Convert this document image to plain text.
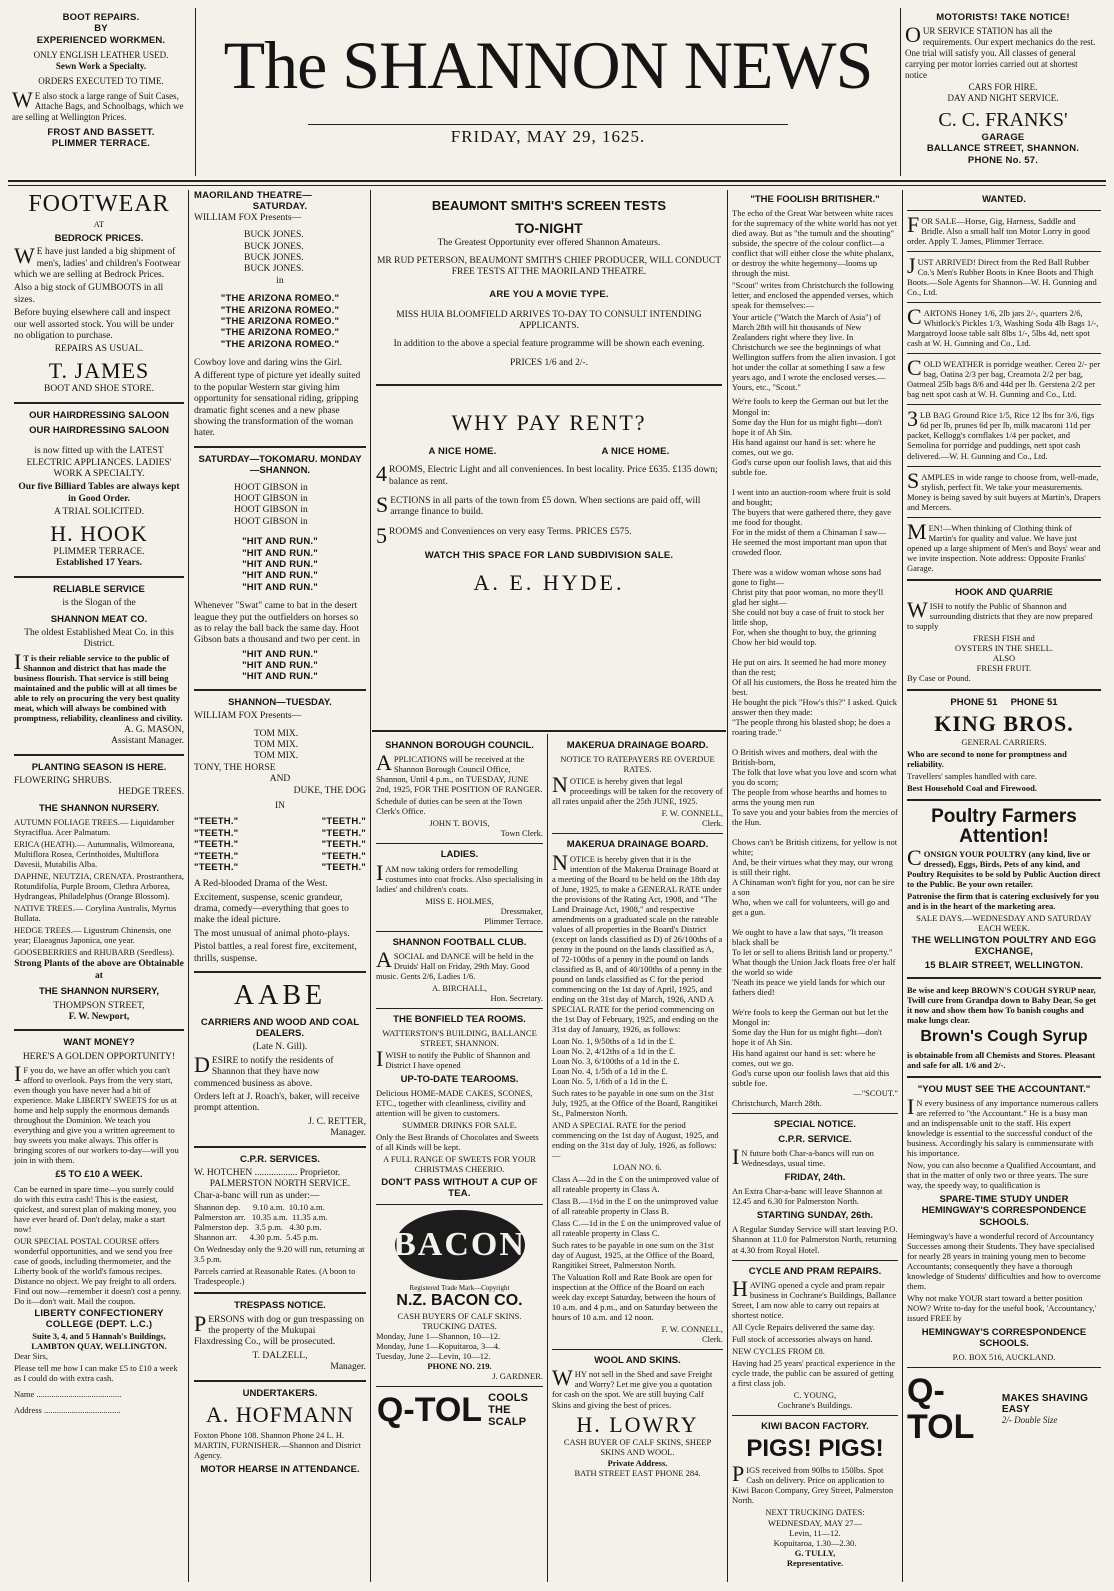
BOOT REPAIRS.
BY
EXPERIENCED WORKMEN.
ONLY ENGLISH LEATHER USED.
Sewn Work a Specialty.
ORDERS EXECUTED TO TIME.

WE also stock a large range of Suit Cases, Attache Bags, and Schoolbags, which we are selling at Wellington Prices.

FROST AND BASSETT.
PLIMMER TERRACE.
The SHANNON NEWS
FRIDAY, MAY 29, 1625.
MOTORISTS! TAKE NOTICE!

OUR SERVICE STATION has all the requirements. Our expert mechanics do the rest. One trial will satisfy you. All classes of general carrying per motor lorries carried out at shortest notice

CARS FOR HIRE.
DAY AND NIGHT SERVICE.
C. C. FRANKS'
GARAGE
BALLANCE STREET, SHANNON.
PHONE No. 57.
FOOTWEAR
AT
BEDROCK PRICES.

WE have just landed a big shipment of men's, ladies' and children's Footwear which we are selling at Bedrock Prices.

Also a big stock of GUMBOOTS in all sizes.

Before buying elsewhere call and inspect our well assorted stock. You will be under no obligation to purchase.

REPAIRS AS USUAL.

T. JAMES
BOOT AND SHOE STORE.
OUR HAIRDRESSING SALOON
OUR HAIRDRESSING SALOON

is now fitted up with the LATEST ELECTRIC APPLIANCES. LADIES' WORK A SPECIALTY.

Our five Billiard Tables are always kept in Good Order.

A TRIAL SOLICITED.

H. HOOK
PLIMMER TERRACE.
Established 17 Years.
RELIABLE SERVICE
is the Slogan of the
SHANNON MEAT CO.

The oldest Established Meat Co. in this District.

IT is their reliable service to the public of Shannon and district that has made the business flourish. That service is still being maintained and the public will at all times be able to rely on procuring the very best quality meat, which will always be combined with promptness, reliability, cleanliness and civility.

A. G. MASON,
Assistant Manager.
PLANTING SEASON IS HERE.
FLOWERING SHRUBS.
HEDGE TREES.
THE SHANNON NURSERY.

AUTUMN FOLIAGE TREES.— Liquidamber Styraciflua. Acer Palmatum.

ERICA (HEATH).— Autumnalis, Wilmoreana, Multiflora Rosea, Cerinthoides, Multiflora Davesii, Mutabilis Alba.

DAPHNE, NEUTZIA, CRENATA. Prostranthera, Rotundifolia, Purple Broom, Clethra Arborea, Hydrangeas, Philadelphus (Orange Blossom).

NATIVE TREES.— Corylina Australis, Myrtus Bullata.

HEDGE TREES.— Ligustrum Chinensis, one year; Elaeagnus Japonica, one year.

GOOSEBERRIES and RHUBARB (Seedless).

Strong Plants of the above are Obtainable at

THE SHANNON NURSERY,
THOMPSON STREET,
F. W. Newport,
WANT MONEY?
HERE'S A GOLDEN OPPORTUNITY!

IF you do, we have an offer which you can't afford to overlook. Pays from the very start, even though you have never had a bit of experience. Make LIBERTY SWEETS for us at home and help supply the enormous demands throughout the Dominion. We teach you everything and give you a written agreement to buy sweets you make always. This offer is bringing scores of our workers to-day—will you join in with them.

£5 TO £10 A WEEK.

Can be earned in spare time—you surely could do with this extra cash! This is the easiest, quickest, and surest plan of making money, you have ever heard of. Don't delay, make a start now!

OUR SPECIAL POSTAL COURSE offers wonderful opportunities, and we send you free case of goods, including thermometer, and the Liberty book of the world's famous recipes. Distance no object. We pay freight to all orders. Find out now—remember it doesn't cost a penny. Do it—don't wait. Mail the coupon.

LIBERTY CONFECTIONERY COLLEGE (DEPT. L.C.)
Suite 3, 4, and 5 Hannah's Buildings, LAMBTON QUAY, WELLINGTON.
Dear Sirs,

Please tell me how I can make £5 to £10 a week as I could do with extra cash.

Name ........................................
Address ....................................
MAORILAND THEATRE—
SATURDAY.
WILLIAM FOX Presents—
BUCK JONES.
BUCK JONES.
BUCK JONES.
BUCK JONES.
in
"THE ARIZONA ROMEO."
"THE ARIZONA ROMEO."
"THE ARIZONA ROMEO."
"THE ARIZONA ROMEO."
"THE ARIZONA ROMEO."

Cowboy love and daring wins the Girl.

A different type of picture yet ideally suited to the popular Western star giving him opportunity for sensational riding, gripping dramatic fight scenes and a new phase showing the transformation of the woman hater.

SATURDAY—TOKOMARU. MONDAY—SHANNON.
HOOT GIBSON in
HOOT GIBSON in
HOOT GIBSON in
HOOT GIBSON in
"HIT AND RUN."
"HIT AND RUN."
"HIT AND RUN."
"HIT AND RUN."
"HIT AND RUN."

Whenever "Swat" came to bat in the desert league they put the outfielders on horses so as to relay the ball back the same day. Hoot Gibson bats a thousand and two per cent. in

"HIT AND RUN."
"HIT AND RUN."
"HIT AND RUN."
SHANNON—TUESDAY.
WILLIAM FOX Presents—
TOM MIX.
TOM MIX.
TOM MIX.
TONY, THE HORSE
AND
DUKE, THE DOG
IN
"TEETH."	"TEETH."
"TEETH."	"TEETH."
"TEETH."	"TEETH."
"TEETH."	"TEETH."
"TEETH."	"TEETH."

A Red-blooded Drama of the West.

Excitement, suspense, scenic grandeur, drama, comedy—everything that goes to make the ideal picture.

The most unusual of animal photo-plays.

Pistol battles, a real forest fire, excitement, thrills, suspense.

AABE
CARRIERS AND WOOD AND COAL DEALERS.
(Late N. Gill).

DESIRE to notify the residents of Shannon that they have now commenced business as above.

Orders left at J. Roach's, baker, will receive prompt attention.

J. C. RETTER,
Manager.
C.P.R. SERVICES.
W. HOTCHEN .................. Proprietor.
PALMERSTON NORTH SERVICE.
Char-a-banc will run as under:—
Shannon dep.      9.10 a.m.  10.10 a.m.
Palmerston arr.   10.35 a.m.  11.35 a.m.
Palmerston dep.   3.5 p.m.   4.30 p.m.
Shannon arr.      4.30 p.m.  5.45 p.m.

On Wednesday only the 9.20 will run, returning at 3.5 p.m.

Parcels carried at Reasonable Rates. (A boon to Tradespeople.)

TRESPASS NOTICE.

PERSONS with dog or gun trespassing on the property of the Mukupai Flaxdressing Co., will be prosecuted.

T. DALZELL,
Manager.
UNDERTAKERS.
A. HOFMANN

Foxton Phone 108. Shannon Phone 24 L. H. MARTIN, FURNISHER.—Shannon and District Agency.

MOTOR HEARSE IN ATTENDANCE.
BEAUMONT SMITH'S SCREEN TESTS
TO-NIGHT

The Greatest Opportunity ever offered Shannon Amateurs.

MR RUD PETERSON, BEAUMONT SMITH'S CHIEF PRODUCER, WILL CONDUCT FREE TESTS AT THE MAORILAND THEATRE.

ARE YOU A MOVIE TYPE.

MISS HUIA BLOOMFIELD ARRIVES TO-DAY TO CONSULT INTENDING APPLICANTS.

In addition to the above a special feature programme will be shown each evening.

PRICES 1/6 and 2/-.

WHY PAY RENT?
A NICE HOME.	A NICE HOME.

4ROOMS, Electric Light and all conveniences. In best locality. Price £635. £135 down; balance as rent.

SECTIONS in all parts of the town from £5 down. When sections are paid off, will arrange finance to build.

5ROOMS and Conveniences on very easy Terms. PRICES £575.

WATCH THIS SPACE FOR LAND SUBDIVISION SALE.

A. E. HYDE.
SHANNON BOROUGH COUNCIL.

APPLICATIONS will be received at the Shannon Borough Council Office, Shannon, Until 4 p.m., on TUESDAY, JUNE 2nd, 1925, FOR THE POSITION OF RANGER.

Schedule of duties can be seen at the Town Clerk's Office.

JOHN T. BOVIS,
Town Clerk.
LADIES.

IAM now taking orders for remodelling costumes into coat frocks. Also specialising in ladies' and children's coats.

MISS E. HOLMES,
Dressmaker,
Plimmer Terrace.
SHANNON FOOTBALL CLUB.

ASOCIAL and DANCE will be held in the Druids' Hall on Friday, 29th May. Good music. Gents 2/6, Ladies 1/6.

A. BIRCHALL,
Hon. Secretary.
THE BONFIELD TEA ROOMS.
WATTERSTON'S BUILDING, BALLANCE STREET, SHANNON.

IWISH to notify the Public of Shannon and District I have opened

UP-TO-DATE TEAROOMS.

Delicious HOME-MADE CAKES, SCONES, ETC., together with cleanliness, civility and attention will be given to customers.

SUMMER DRINKS FOR SALE.

Only the Best Brands of Chocolates and Sweets of all Kinds will be kept.

A FULL RANGE OF SWEETS FOR YOUR CHRISTMAS CHEERIO.

DON'T PASS WITHOUT A CUP OF TEA.

BACON
Registered Trade Mark—Copyright
N.Z. BACON CO.
CASH BUYERS OF CALF SKINS.
TRUCKING DATES.
Monday, June 1—Shannon, 10—12.
Monday, June 1—Kopuitaroa, 3—4.
Tuesday, June 2—Levin, 10—12.
PHONE NO. 219.
J. GARDNER.
Q-TOL COOLS THE SCALP
MAKERUA DRAINAGE BOARD.
NOTICE TO RATEPAYERS RE OVERDUE RATES.

NOTICE is hereby given that legal proceedings will be taken for the recovery of all rates unpaid after the 25th JUNE, 1925.

F. W. CONNELL,
Clerk.
MAKERUA DRAINAGE BOARD.

NOTICE is hereby given that it is the intention of the Makerua Drainage Board at a meeting of the Board to be held on the 18th day of June, 1925, to make a GENERAL RATE under the provisions of the Rating Act, 1908, and "The Land Drainage Act, 1908," and respective amendments on a graduated scale on the rateable values of all properties in the Board's District (except on lands classified as D) of 26/100ths of a penny in the pound on the lands classified as A, of 72-100ths of a penny in the pound on lands classified as B, and of 40/100ths of a penny in the pound on lands classified as C for the period commencing on the 1st day of April, 1925, and ending on the 31st day of March, 1926, AND A SPECIAL RATE for the period commencing on the 1st Day of February, 1925, and ending on the 31st day of January, 1926, as follows:

Loan No. 1, 9/50ths of a 1d in the £.
Loan No. 2, 4/12ths of a 1d in the £.
Loan No. 3, 6/100ths of a 1d in the £.
Loan No. 4, 1/5th of a 1d in the £.
Loan No. 5, 1/6th of a 1d in the £.

Such rates to be payable in one sum on the 31st July, 1925, at the Office of the Board, Rangitikei St., Palmerston North.

AND A SPECIAL RATE for the period commencing on the 1st day of August, 1925, and ending on the 31st day of July, 1926, as follows:—

LOAN NO. 6.

Class A—2d in the £ on the unimproved value of all rateable property in Class A.

Class B.—1½d in the £ on the unimproved value of all rateable property in Class B.

Class C.—1d in the £ on the unimproved value of all rateable property in Class C.

Such rates to be payable in one sum on the 31st day of August, 1925, at the Office of the Board, Rangitikei Street, Palmerston North.

The Valuation Roll and Rate Book are open for inspection at the Office of the Board on each week day except Saturday, between the hours of 10 a.m. and 4 p.m., and on Saturday between the hours of 10 a.m. and 12 noon.

F. W. CONNELL,
Clerk.
WOOL AND SKINS.

WHY not sell in the Shed and save Freight and Worry? Let me give you a quotation for cash on the spot. We are still buying Calf Skins and giving the best of prices.

H. LOWRY
CASH BUYER OF CALF SKINS, SHEEP SKINS AND WOOL.
Private Address.
BATH STREET EAST PHONE 284.
"THE FOOLISH BRITISHER."

The echo of the Great War between white races for the supremacy of the white world has not yet died away. But as "the tumult and the shouting" subside, the spectre of the colour conflict—a conflict that will either close the white phalanx, or destroy the white hegemony—looms up through the mist.

"Scout" writes from Christchurch the following letter, and enclosed the appended verses, which speak for themselves:—

Your article ("Watch the March of Asia") of March 28th will hit thousands of New Zealanders right where they live. In Christchurch we see the beginnings of what Wellington suffers from the alien invasion. I got hot under the collar at something I saw a few years ago, and I wrote the enclosed verses.—Yours, etc., "Scout."

We're fools to keep the German out but let the Mongol in:
Some day the Hun for us might fight—don't hope it of Ah Sin.
His hand against our hand is set: where he comes, out we go.
God's curse upon our foolish laws, that aid this subtle foe.

I went into an auction-room where fruit is sold and bought;
The buyers that were gathered there, they gave me food for thought.
For in the midst of them a Chinaman I saw—
He seemed the most important man upon that crowded floor.

There was a widow woman whose sons had gone to fight—
Christ pity that poor woman, no more they'll glad her sight—
She could not buy a case of fruit to stock her little shop,
For, when she thought to buy, the grinning Chow her bid would top.

He put on airs. It seemed he had more money than the rest;
Of all his customers, the Boss he treated him the best.
He bought the pick "How's this?" I asked. Quick answer then they made:
"The people throng his blasted shop; he does a roaring trade."

O British wives and mothers, deal with the British-born,
The folk that love what you love and scorn what you do scorn;
The people from whose hearths and homes to arms the young men run
To save you and your babies from the mercies of the Hun.

Chows can't be British citizens, for yellow is not white;
And, be their virtues what they may, our wrong is still their right.
A Chinaman won't fight for you, nor can he sire a son
Who, when we call for volunteers, will go and get a gun.

We ought to have a law that says, "It treason black shall be
To let or sell to aliens British land or property."
What though the Union Jack floats free o'er half the world so wide
'Neath its peace we yield lands for which our fathers died!

We're fools to keep the German out but let the Mongol in:
Some day the Hun for us might fight—don't hope it of Ah Sin.
His hand against our hand is set: where he comes, out we go.
God's curse upon our foolish laws that aid this subtle foe.
—"SCOUT."
Christchurch, March 28th.
SPECIAL NOTICE.
C.P.R. SERVICE.

IN future both Char-a-bancs will run on Wednesdays, usual time.

FRIDAY, 24th.

An Extra Char-a-banc will leave Shannon at 12.45 and 6.30 for Palmerston North.

STARTING SUNDAY, 26th.

A Regular Sunday Service will start leaving P.O. Shannon at 11.0 for Palmerston North, returning at 4.30 from Royal Hotel.

CYCLE AND PRAM REPAIRS.

HAVING opened a cycle and pram repair business in Cochrane's Buildings, Ballance Street, I am now able to carry out repairs at shortest notice.

All Cycle Repairs delivered the same day.

Full stock of accessories always on hand.

NEW CYCLES FROM £8.

Having had 25 years' practical experience in the cycle trade, the public can be assured of getting a first class job.

C. YOUNG,
Cochrane's Buildings.
KIWI BACON FACTORY.
PIGS! PIGS!

PIGS received from 90lbs to 150lbs. Spot Cash on delivery. Price on application to Kiwi Bacon Company, Grey Street, Palmerston North.

NEXT TRUCKING DATES:
WEDNESDAY, MAY 27—
Levin, 11—12.
Kopuitaroa, 1.30—2.30.
G. TULLY,
Representative.
WANTED.

FOR SALE—Horse, Gig, Harness, Saddle and Bridle. Also a small half ton Motor Lorry in good order. Apply T. James, Plimmer Terrace.

JUST ARRIVED! Direct from the Red Ball Rubber Co.'s Men's Rubber Boots in Knee Boots and Thigh Boots.—Sole Agents for Shannon—W. H. Gunning and Co., Ltd.

CARTONS Honey 1/6, 2lb jars 2/-, quarters 2/6, Whitlock's Pickles 1/3, Washing Soda 4lb Bags 1/-, Margatroyd loose table salt 8lbs 1/-, 5lbs 4d, nett spot cash at W. H. Gunning and Co., Ltd.

COLD WEATHER is porridge weather. Cereo 2/- per bag, Oatina 2/3 per bag, Creamota 2/2 per bag, Oatmeal 25lb bags 8/6 and 44d per lb. Gerstena 2/2 per bag nett spot cash at W. H. Gunning and Co., Ltd.

3LB BAG Ground Rice 1/5, Rice 12 lbs for 3/6, figs 6d per lb, prunes 6d per lb, milk macaroni 11d per packet, Kellogg's cornflakes 1/4 per packet, and Semolina for porridge and puddings, nett spot cash delivered.—W. H. Gunning and Co., Ltd.

SAMPLES in wide range to choose from, well-made, stylish, perfect fit. We take your measurements. Money is being saved by suit buyers at Martin's, Drapers and Mercers.

MEN!—When thinking of Clothing think of Martin's for quality and value. We have just opened up a large shipment of Men's and Boys' wear and we invite inspection. Note address: Opposite Franks' Garage.

HOOK AND QUARRIE

WISH to notify the Public of Shannon and surrounding districts that they are now prepared to supply

FRESH FISH and
OYSTERS IN THE SHELL.
ALSO
FRESH FRUIT.
By Case or Pound.
PHONE 51     PHONE 51
KING BROS.
GENERAL CARRIERS.

Who are second to none for promptness and reliability.

Travellers' samples handled with care.

Best Household Coal and Firewood.

Poultry Farmers
Attention!

CONSIGN YOUR POULTRY (any kind, live or dressed), Eggs, Birds, Pets of any kind, and Poultry Requisites to be sold by Public Auction direct to the Public. Be your own retailer.

Patronise the firm that is catering exclusively for you and is in the heart of the marketing area.

SALE DAYS.—WEDNESDAY AND SATURDAY EACH WEEK.

THE WELLINGTON POULTRY AND EGG EXCHANGE,

15 BLAIR STREET, WELLINGTON.

Be wise and keep BROWN'S COUGH SYRUP near, Twill cure from Grandpa down to Baby Dear, So get it now and show them how To banish coughs and make lungs clear.

Brown's Cough Syrup

is obtainable from all Chemists and Stores. Pleasant and safe for all. 1/6 and 2/-.

"YOU MUST SEE THE ACCOUNTANT."

IN every business of any importance numerous callers are referred to "the Accountant." He is a busy man and an indispensable unit to the staff. His expert knowledge is essential to the successful conduct of the business. Accordingly his salary is commensurate with his importance.

Now, you can also become a Qualified Accountant, and that in the matter of only two or three years. The sure way, the speedy way, to qualification is

SPARE-TIME STUDY UNDER HEMINGWAY'S CORRESPONDENCE SCHOOLS.

Hemingway's have a wonderful record of Accountancy Successes among their Students. They have specialised for nearly 28 years in training young men to become Accountants; consequently they have a thorough knowledge of Students' difficulties and how to overcome them.

Why not make YOUR start toward a better position NOW? Write to-day for the useful book, 'Accountancy,' issued FREE by

HEMINGWAY'S CORRESPONDENCE SCHOOLS.
P.O. BOX 516, AUCKLAND.
Q-TOL
MAKES SHAVING EASY
2/- Double Size
